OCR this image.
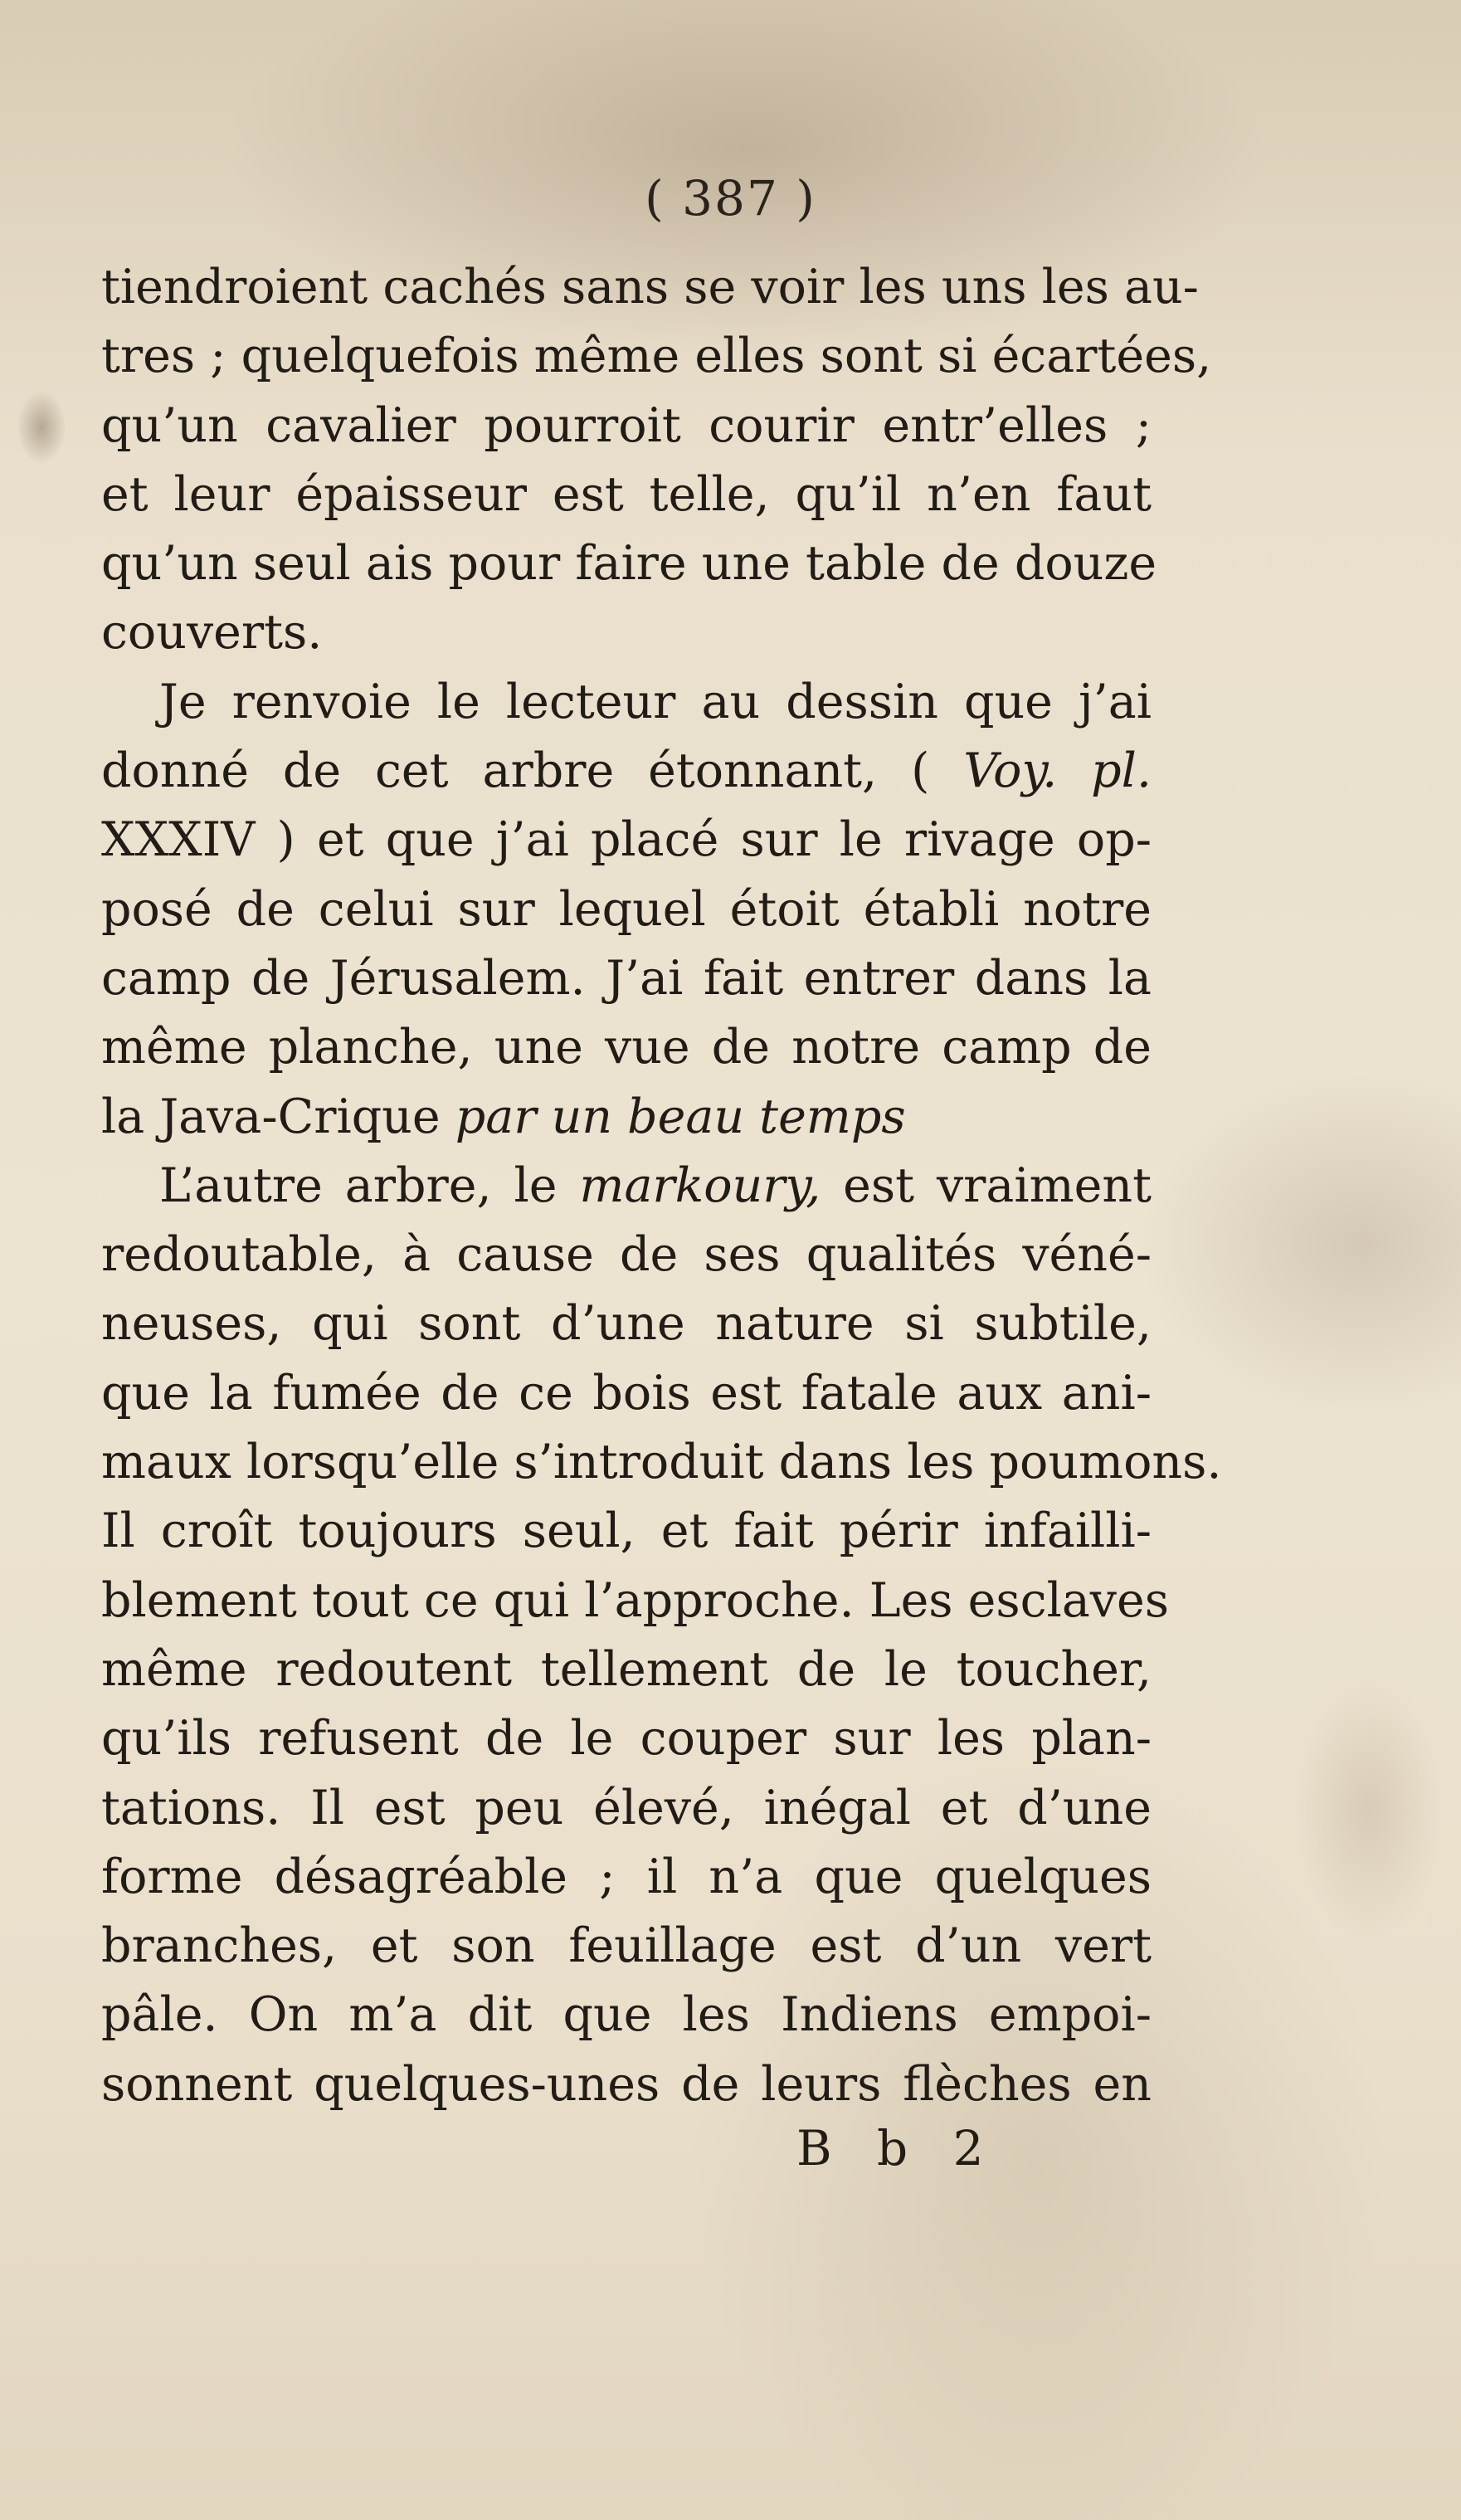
( 387 )
tiendroient cachés sans se voir les uns les au-
tres ; quelquefois même elles sont si écartées,
qu’un cavalier pourroit courir entr’elles ;
et leur épaisseur est telle, qu’il n’en faut
qu’un seul ais pour faire une table de douze
couverts.
Je renvoie le lecteur au dessin que j’ai
donné de cet arbre étonnant, ( Voy. pl.
XXXIV ) et que j’ai placé sur le rivage op-
posé de celui sur lequel étoit établi notre
camp de Jérusalem. J’ai fait entrer dans la
même planche, une vue de notre camp de
la Java-Crique par un beau temps
L’autre arbre, le markoury, est vraiment
redoutable, à cause de ses qualités véné-
neuses, qui sont d’une nature si subtile,
que la fumée de ce bois est fatale aux ani-
maux lorsqu’elle s’introduit dans les poumons.
Il croît toujours seul, et fait périr infailli-
blement tout ce qui l’approche. Les esclaves
même redoutent tellement de le toucher,
qu’ils refusent de le couper sur les plan-
tations. Il est peu élevé, inégal et d’une
forme désagréable ; il n’a que quelques
branches, et son feuillage est d’un vert
pâle. On m’a dit que les Indiens empoi-
sonnent quelques-unes de leurs flèches en
B b 2
